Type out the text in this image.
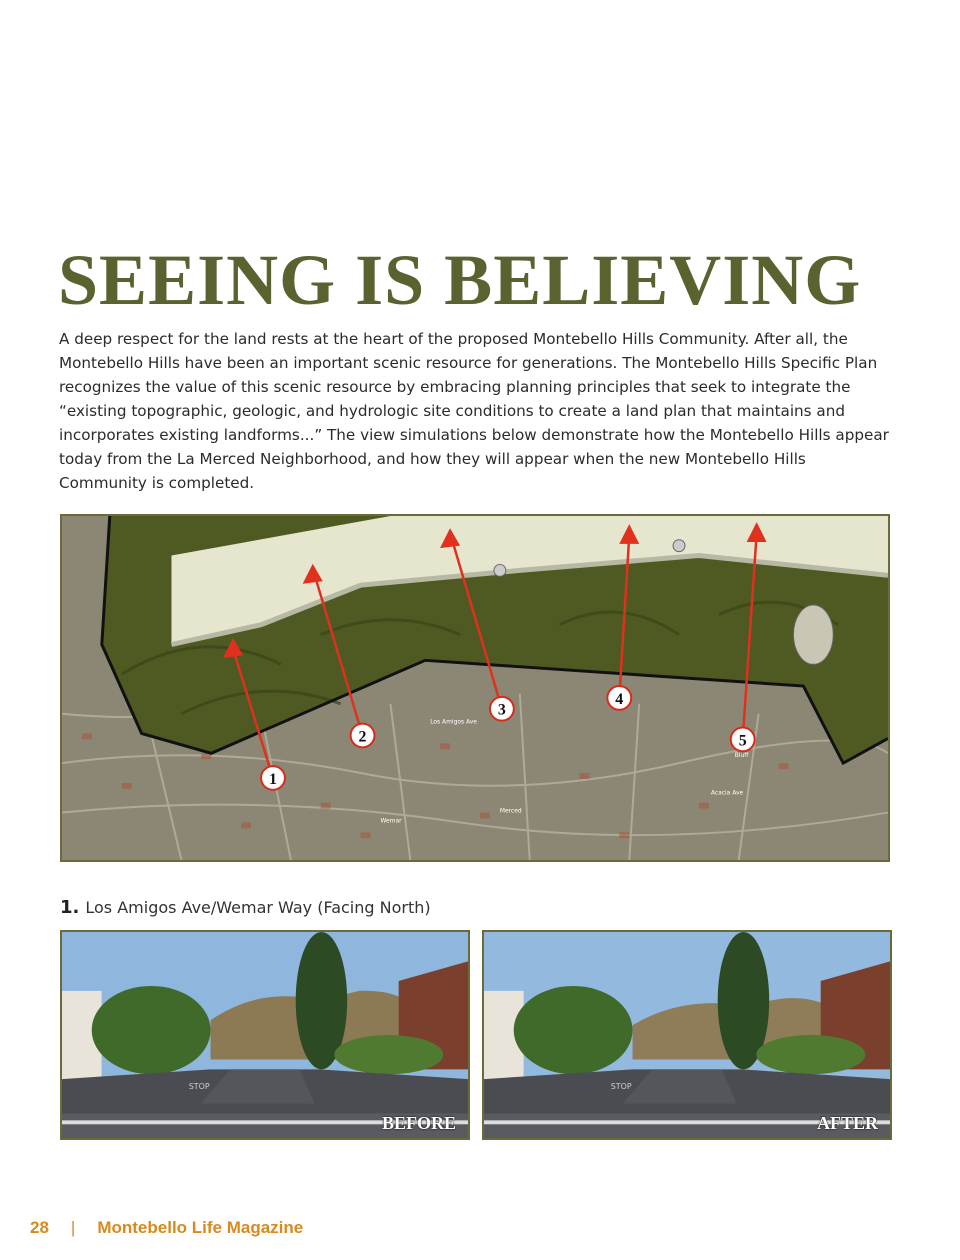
SEEING IS BELIEVING

A deep respect for the land rests at the heart of the proposed Montebello Hills Community. After all, the Montebello Hills have been an important scenic resource for generations. The Montebello Hills Specific Plan recognizes the value of this scenic resource by embracing planning principles that seek to integrate the “existing topographic, geologic, and hydrologic site conditions to create a land plan that maintains and incorporates existing landforms...” The view simulations below demonstrate how the Montebello Hills appear today from the La Merced Neighborhood, and how they will appear when the new Montebello Hills Community is completed.

Los Amigos Ave
Merced
Wemar
Bluff
Acacia Ave
1
2
3
4
5
1. Los Amigos Ave/Wemar Way (Facing North)
STOP
BEFORE
STOP
AFTER
28 | Montebello Life Magazine
